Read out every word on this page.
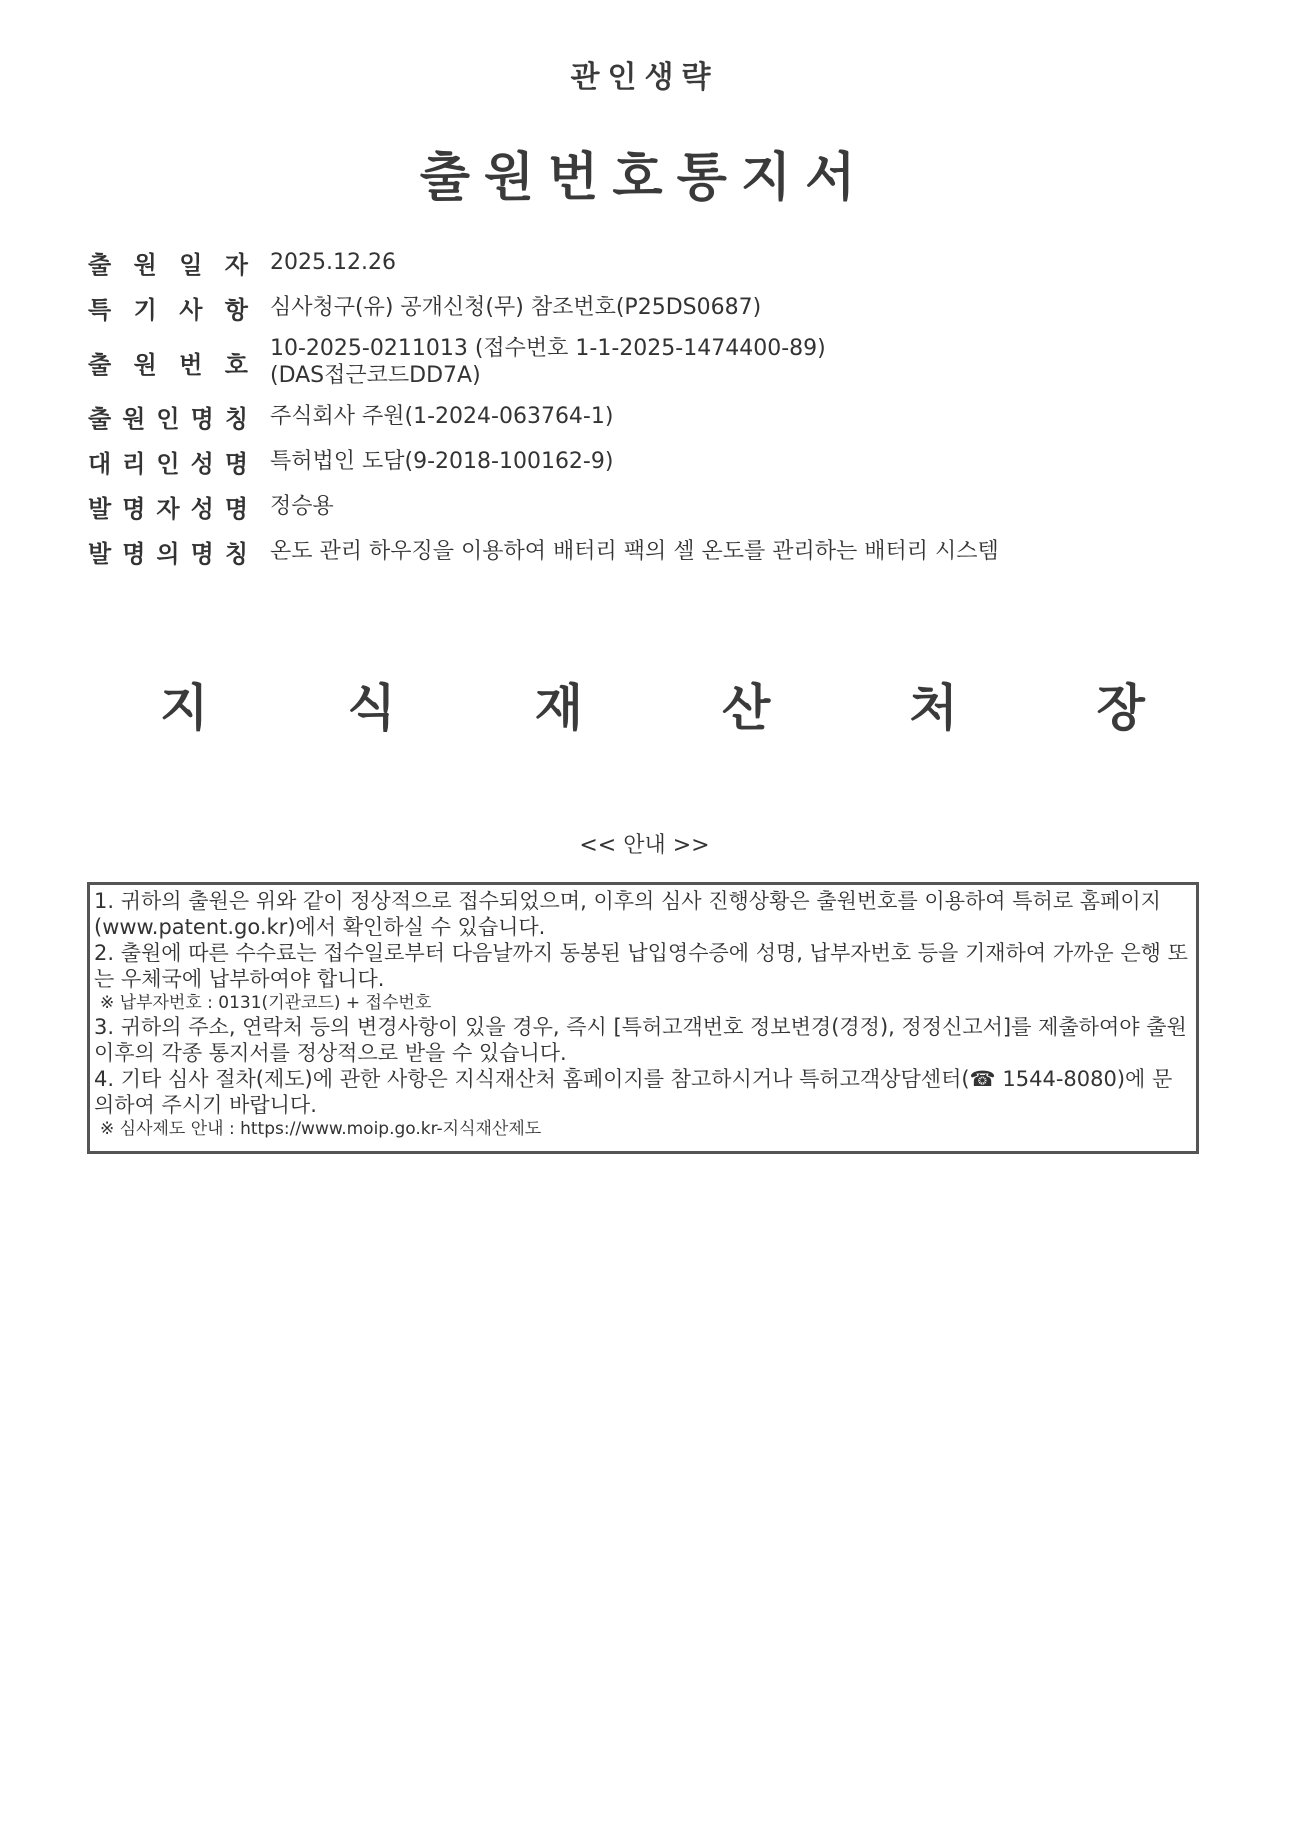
관인생략
출원번호통지서
출 원 일 자 2025.12.26
특 기 사 항 심사청구(유) 공개신청(무) 참조번호(P25DS0687)
출 원 번 호
10-2025-0211013 (접수번호 1-1-2025-1474400-89)
(DAS접근코드DD7A)
출 원 인 명 칭 주식회사 주원(1-2024-063764-1)
대 리 인 성 명 특허법인 도담(9-2018-100162-9)
발 명 자 성 명 정승용
발 명 의 명 칭 온도 관리 하우징을 이용하여 배터리 팩의 셀 온도를 관리하는 배터리 시스템
지	식	재	산	처	장
<< 안내 >>
1. 귀하의 출원은 위와 같이 정상적으로 접수되었으며, 이후의 심사 진행상황은 출원번호를 이용하여 특허로 홈페이지(www.patent.go.kr)에서 확인하실 수 있습니다.
2. 출원에 따른 수수료는 접수일로부터 다음날까지 동봉된 납입영수증에 성명, 납부자번호 등을 기재하여 가까운 은행 또는 우체국에 납부하여야 합니다.
※ 납부자번호 : 0131(기관코드) + 접수번호
3. 귀하의 주소, 연락처 등의 변경사항이 있을 경우, 즉시 [특허고객번호 정보변경(경정), 정정신고서]를 제출하여야 출원 이후의 각종 통지서를 정상적으로 받을 수 있습니다.
4. 기타 심사 절차(제도)에 관한 사항은 지식재산처 홈페이지를 참고하시거나 특허고객상담센터(☎ 1544-8080)에 문의하여 주시기 바랍니다.
※ 심사제도 안내 : https://www.moip.go.kr-지식재산제도
